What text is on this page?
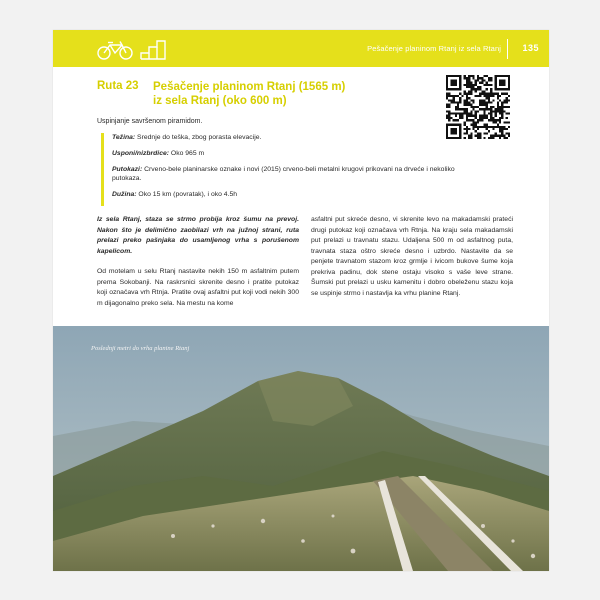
Pešačenje planinom Rtanj iz sela Rtanj 135
Ruta 23 Pešačenje planinom Rtanj (1565 m)
iz sela Rtanj (oko 600 m)
Uspinjanje savršenom piramidom.
Težina: Srednje do teška, zbog porasta elevacije.
Usponi/nizbrdice: Oko 965 m
Putokazi: Crveno-bele planinarske oznake i novi (2015) crveno-beli metalni krugovi prikovani na drveće i nekoliko putokaza.
Dužina: Oko 15 km (povratak), i oko 4.5h

Iz sela Rtanj, staza se strmo probija kroz šumu na prevoj. Nakon što je delimično zaobilazi vrh na južnoj strani, ruta prelazi preko pašnjaka do usamljenog vrha s porušenom kapelicom.

Od motelam u selu Rtanj nastavite nekih 150 m asfaltnim putem prema Sokobanji. Na raskrsnici skrenite desno i pratite putokaz koji označava vrh Rtnja. Pratite ovaj asfaltni put koji vodi nekih 300 m dijagonalno preko sela. Na mestu na kome

asfaltni put skreće desno, vi skrenite levo na makadamski prateći drugi putokaz koji označava vrh Rtnja. Na kraju sela makadamski put prelazi u travnatu stazu. Udaljena 500 m od asfaltnog puta, travnata staza oštro skreće desno i uzbrdo. Nastavite da se penjete travnatom stazom kroz grmlje i ivicom bukove šume koja prekriva padinu, dok stene ostaju visoko s vaše leve strane. Šumski put prelazi u usku kamenitu i dobro obeleženu stazu koja se uspinje strmo i nastavlja ka vrhu planine Rtanj.

Poslednji metri do vrha planine Rtanj
